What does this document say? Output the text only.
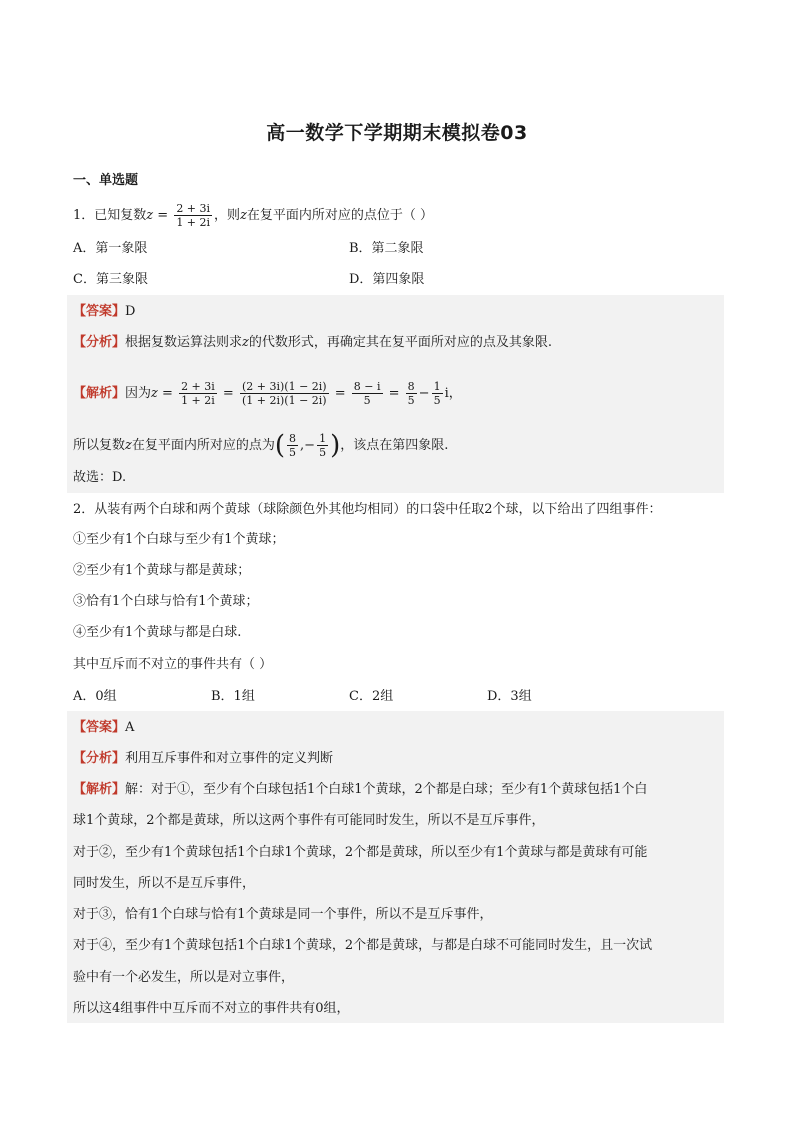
高一数学下学期期末模拟卷03
一、单选题
1．已知复数$z = \frac{2 + 3i}{1 + 2i}$ ，则z在复平面内所对应的点位于（ ）
A．第一象限	B．第二象限
C．第三象限	D．第四象限
【答案】D
【分析】根据复数运算法则求z的代数形式，再确定其在复平面所对应的点及其象限.
【解析】因为$z = \frac{2 + 3i}{1 + 2i} = \frac{(2 + 3i)(1 - 2i)}{(1 + 2i)(1 - 2i)} = \frac{8 - i}{5} = \frac{8}{5} - \frac{1}{5}$ i，
所以复数z在复平面内所对应的点为( $\frac{8}{5}$ ,− $\frac{1}{5}$ )，该点在第四象限.
故选：D.
2．从装有两个白球和两个黄球（球除颜色外其他均相同）的口袋中任取2个球，以下给出了四组事件：
①至少有1个白球与至少有1个黄球；
②至少有1个黄球与都是黄球；
③恰有1个白球与恰有1个黄球；
④至少有1个黄球与都是白球.
其中互斥而不对立的事件共有（ ）
A．0组	B．1组	C．2组	D．3组
【答案】A
【分析】利用互斥事件和对立事件的定义判断
【解析】解：对于①，至少有个白球包括1个白球1个黄球，2个都是白球；至少有1个黄球包括1个白
球1个黄球，2个都是黄球，所以这两个事件有可能同时发生，所以不是互斥事件，
对于②，至少有1个黄球包括1个白球1个黄球，2个都是黄球，所以至少有1个黄球与都是黄球有可能
同时发生，所以不是互斥事件，
对于③，恰有1个白球与恰有1个黄球是同一个事件，所以不是互斥事件，
对于④，至少有1个黄球包括1个白球1个黄球，2个都是黄球，与都是白球不可能同时发生，且一次试
验中有一个必发生，所以是对立事件，
所以这4组事件中互斥而不对立的事件共有0组，
